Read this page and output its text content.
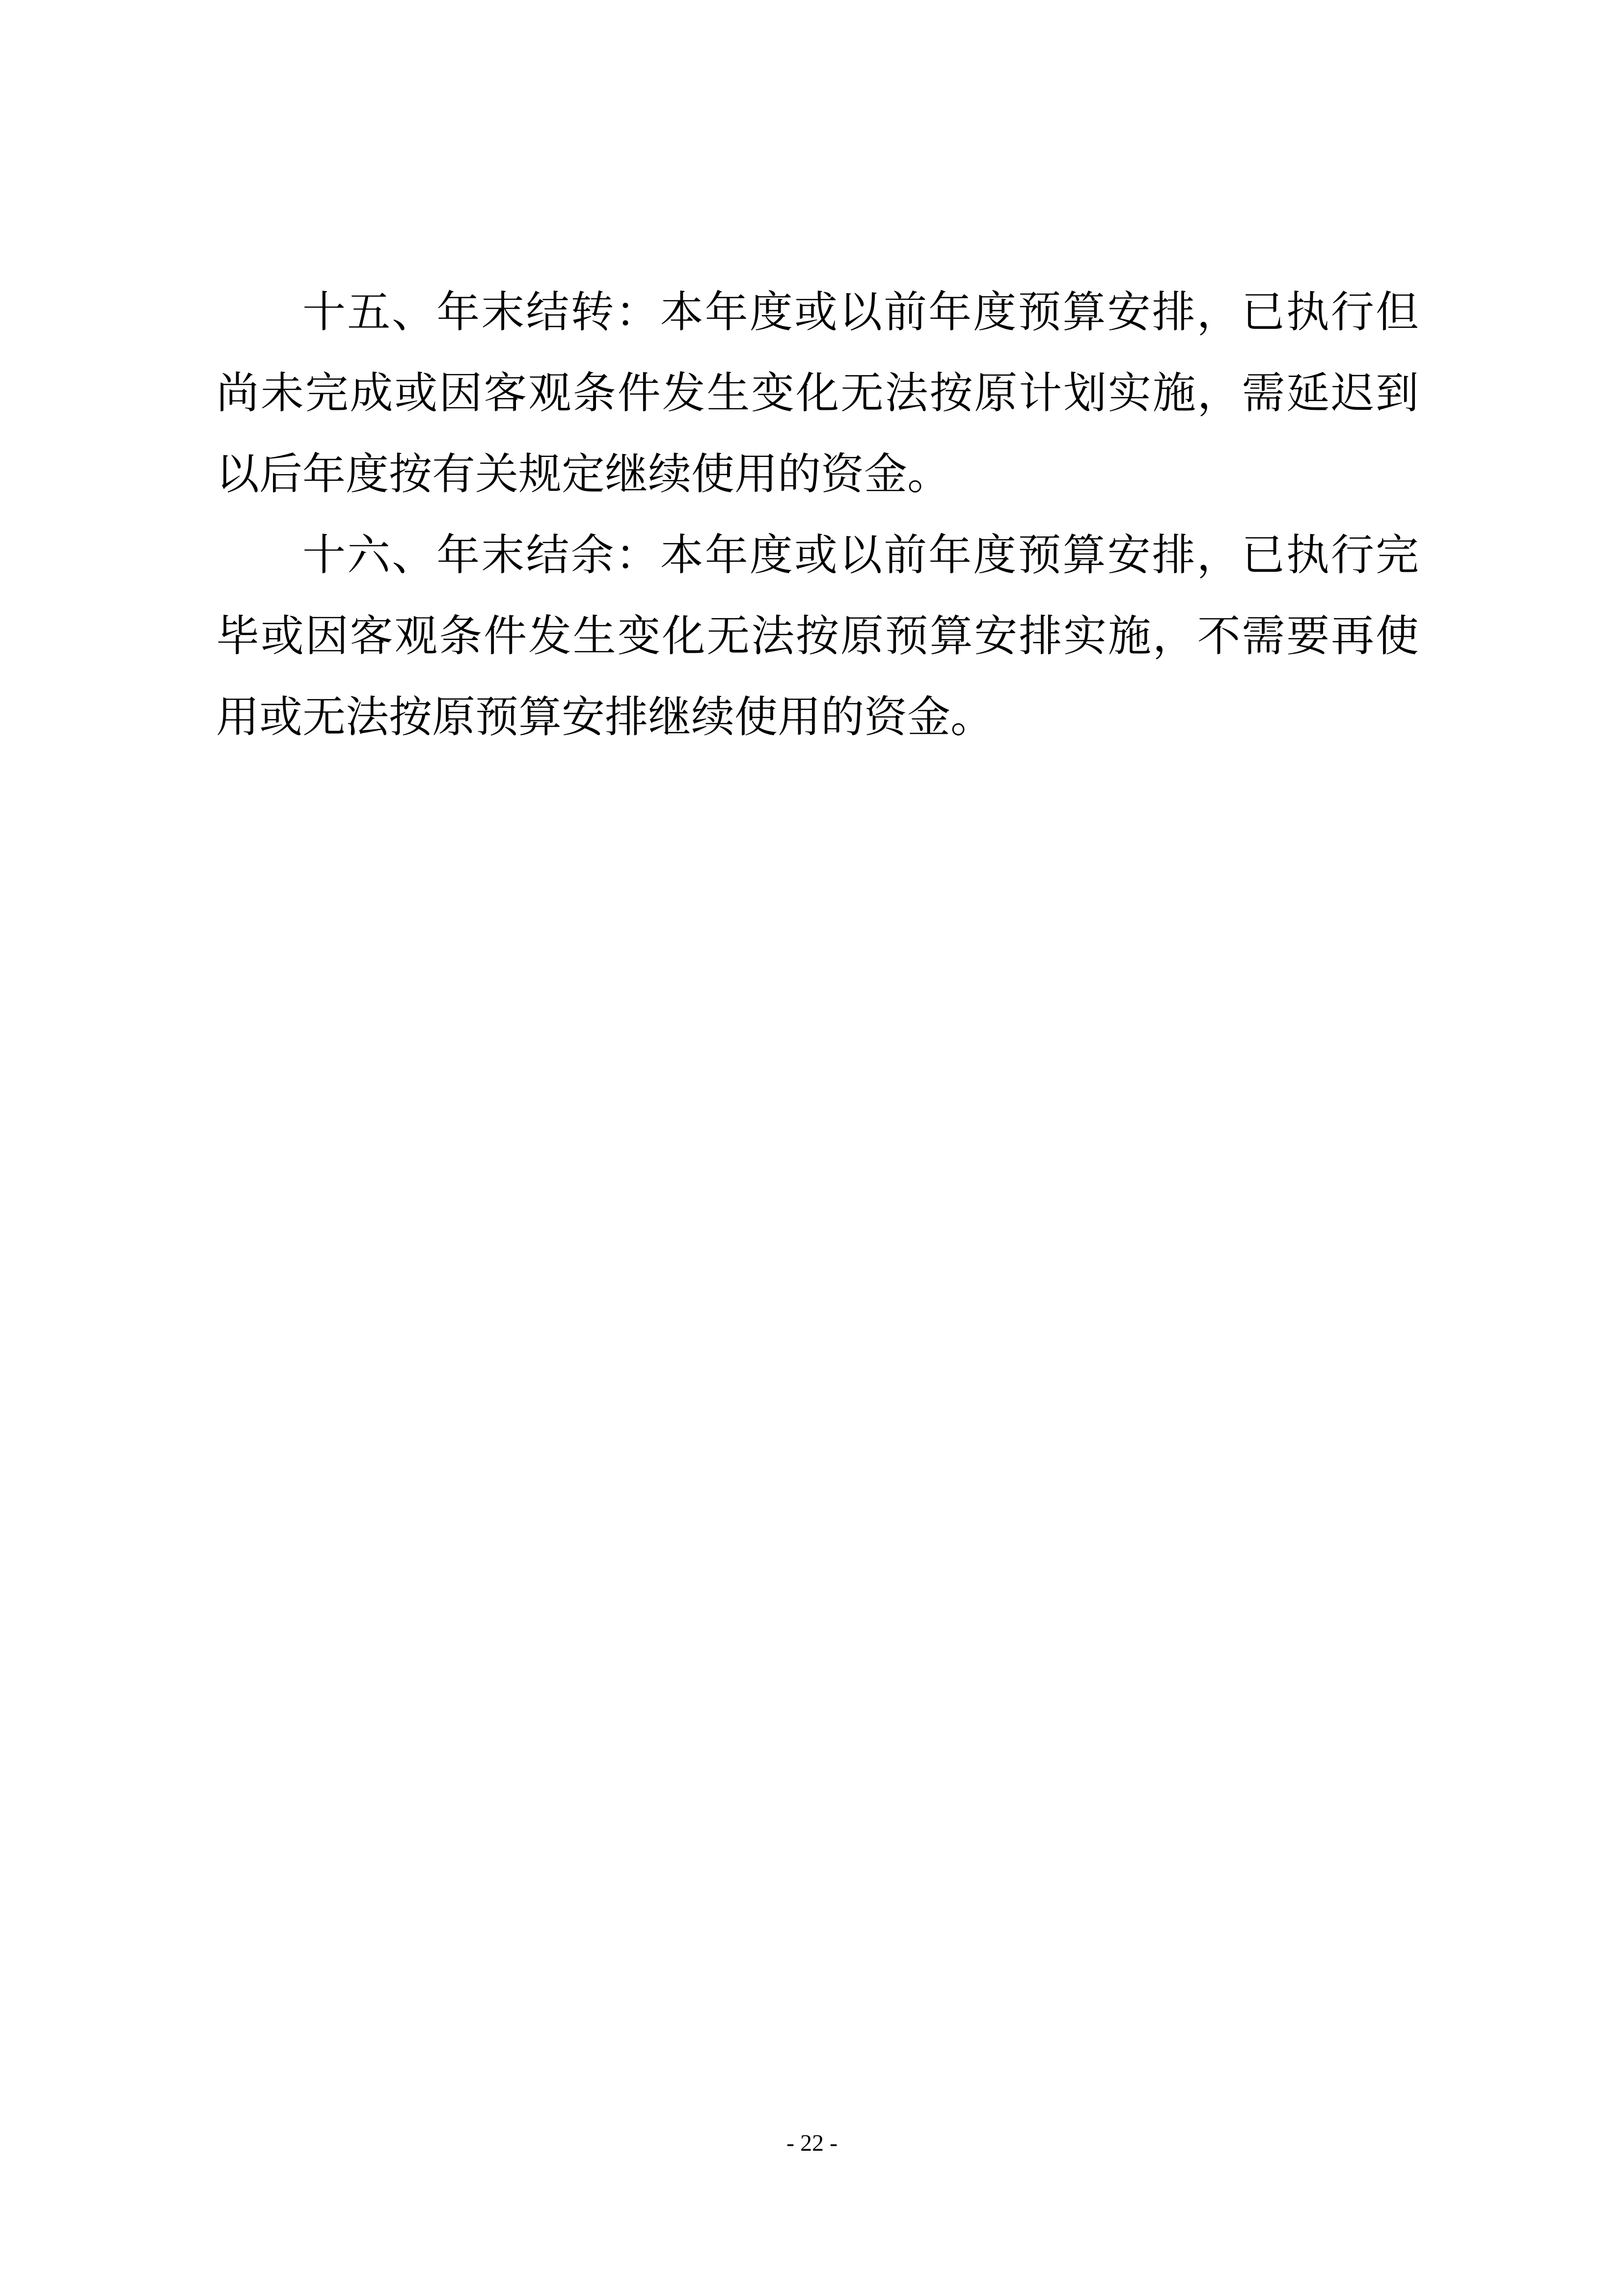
十五、年末结转：本年度或以前年度预算安排，已执行但
尚未完成或因客观条件发生变化无法按原计划实施，需延迟到
以后年度按有关规定继续使用的资金。
十六、年末结余：本年度或以前年度预算安排，已执行完
毕或因客观条件发生变化无法按原预算安排实施，不需要再使
用或无法按原预算安排继续使用的资金。
- 22 -
